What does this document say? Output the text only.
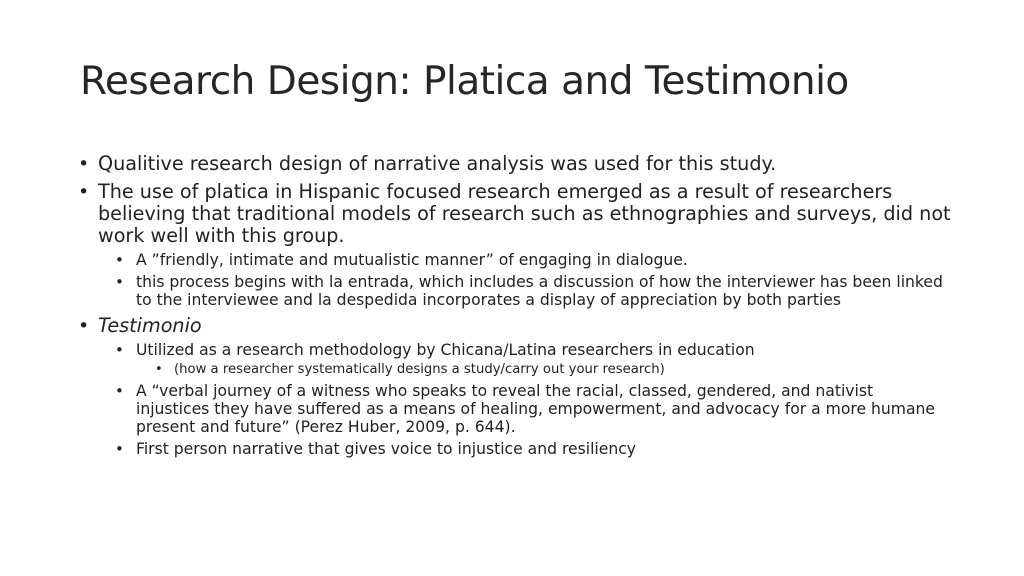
Research Design: Platica and Testimonio
• Qualitive research design of narrative analysis was used for this study.
• The use of platica in Hispanic focused research emerged as a result of researchers believing that traditional models of research such as ethnographies and surveys, did not work well with this group.
• A ”friendly, intimate and mutualistic manner” of engaging in dialogue.
• this process begins with la entrada, which includes a discussion of how the interviewer has been linked to the interviewee and la despedida incorporates a display of appreciation by both parties
• Testimonio
• Utilized as a research methodology by Chicana/Latina researchers in education
• (how a researcher systematically designs a study/carry out your research)
• A “verbal journey of a witness who speaks to reveal the racial, classed, gendered, and nativist injustices they have suffered as a means of healing, empowerment, and advocacy for a more humane present and future” (Perez Huber, 2009, p. 644).
• First person narrative that gives voice to injustice and resiliency
